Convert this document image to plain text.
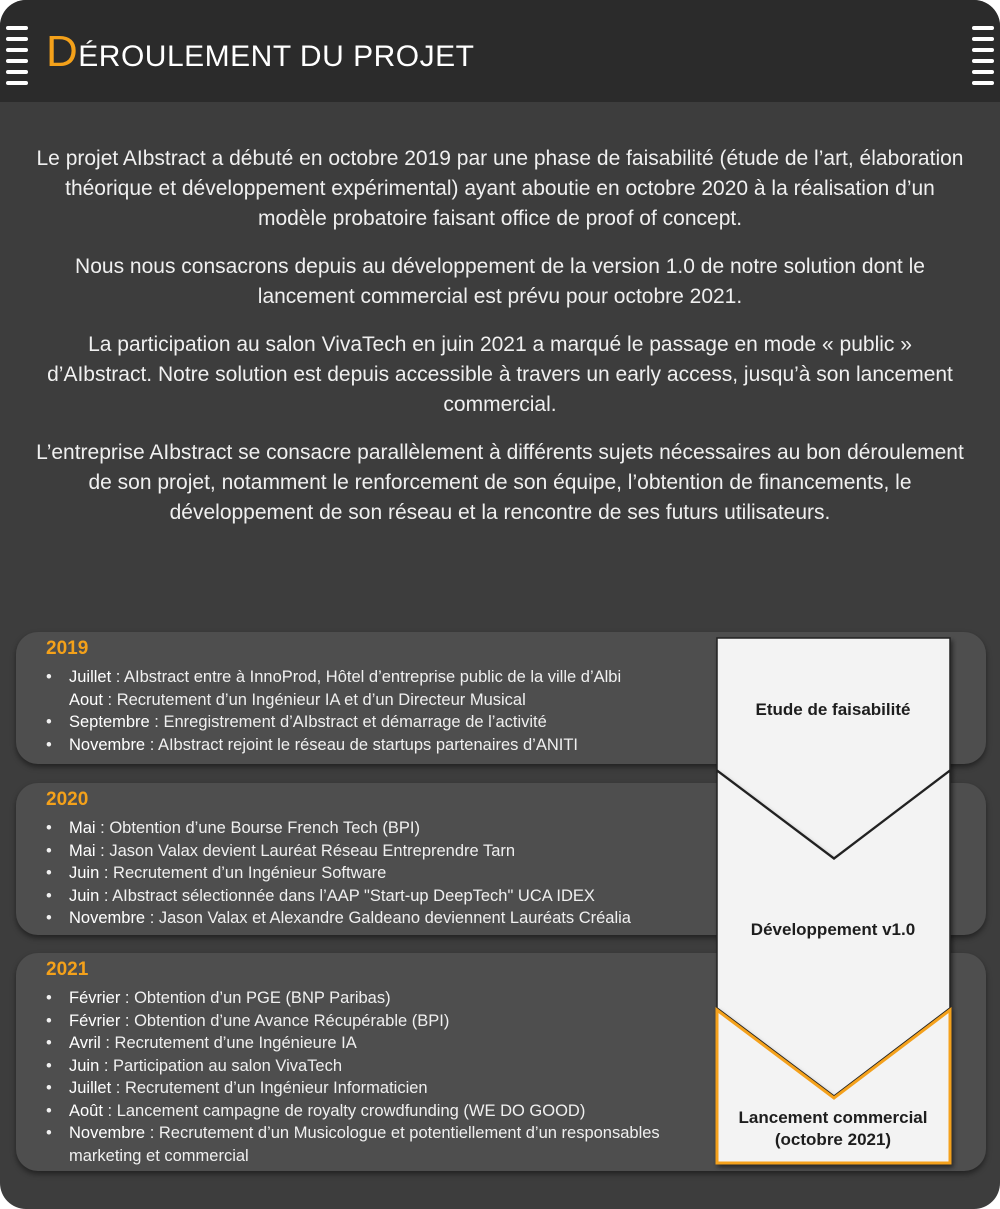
DÉROULEMENT DU PROJET

Le projet AIbstract a débuté en octobre 2019 par une phase de faisabilité (étude de l’art, élaboration théorique et développement expérimental) ayant aboutie en octobre 2020 à la réalisation d’un modèle probatoire faisant office de proof of concept.

Nous nous consacrons depuis au développement de la version 1.0 de notre solution dont le lancement commercial est prévu pour octobre 2021.

La participation au salon VivaTech en juin 2021 a marqué le passage en mode « public » d’AIbstract. Notre solution est depuis accessible à travers un early access, jusqu’à son lancement commercial.

L’entreprise AIbstract se consacre parallèlement à différents sujets nécessaires au bon déroulement de son projet, notamment le renforcement de son équipe, l’obtention de financements, le développement de son réseau et la rencontre de ses futurs utilisateurs.

2019
• Juillet : AIbstract entre à InnoProd, Hôtel d’entreprise public de la ville d’Albi
Aout : Recrutement d’un Ingénieur IA et d’un Directeur Musical
• Septembre : Enregistrement d’AIbstract et démarrage de l’activité
• Novembre : AIbstract rejoint le réseau de startups partenaires d’ANITI
2020
• Mai : Obtention d’une Bourse French Tech (BPI)
• Mai : Jason Valax devient Lauréat Réseau Entreprendre Tarn
• Juin : Recrutement d’un Ingénieur Software
• Juin : AIbstract sélectionnée dans l’AAP "Start-up DeepTech" UCA IDEX
• Novembre : Jason Valax et Alexandre Galdeano deviennent Lauréats Créalia
2021
• Février : Obtention d’un PGE (BNP Paribas)
• Février : Obtention d’une Avance Récupérable (BPI)
• Avril : Recrutement d’une Ingénieure IA
• Juin : Participation au salon VivaTech
• Juillet : Recrutement d’un Ingénieur Informaticien
• Août : Lancement campagne de royalty crowdfunding (WE DO GOOD)
• Novembre : Recrutement d’un Musicologue et potentiellement d’un responsables marketing et commercial
Etude de faisabilité
Développement v1.0
Lancement commercial (octobre 2021)
